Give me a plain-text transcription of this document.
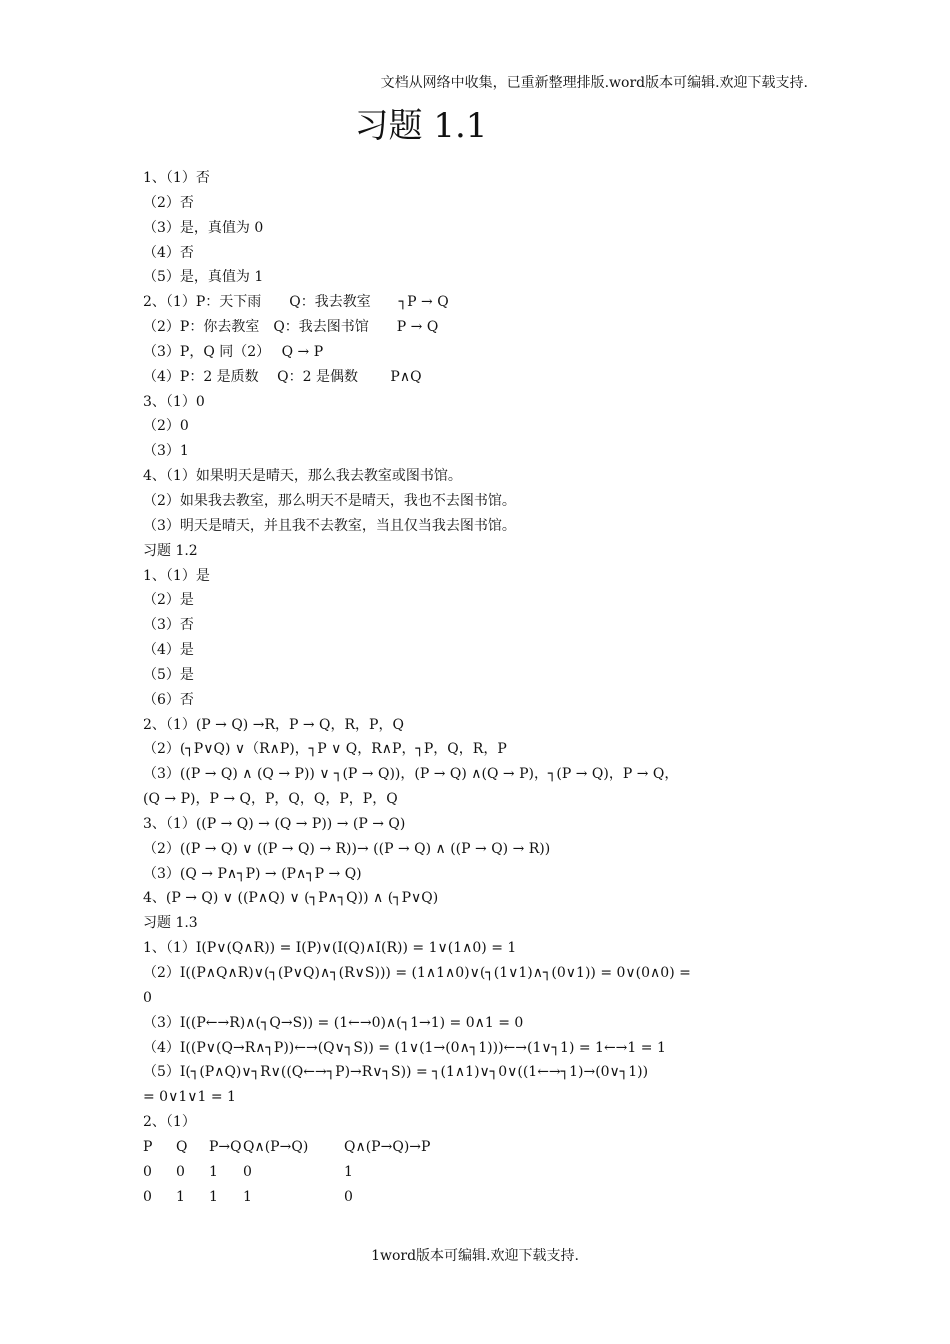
文档从网络中收集，已重新整理排版.word版本可编辑.欢迎下载支持.
习题 1.1
1、（1）否
（2）否
（3）是，真值为 0
（4）否
（5）是，真值为 1
2、（1）P：天下雨　　Q：我去教室　　┐P → Q
（2）P：你去教室　Q：我去图书馆　　P → Q
（3）P，Q 同（2）　 Q → P
（4）P：2 是质数　 Q：2 是偶数　　 P∧Q
3、（1）0
（2）0
（3）1
4、（1）如果明天是晴天，那么我去教室或图书馆。
（2）如果我去教室，那么明天不是晴天，我也不去图书馆。
（3）明天是晴天，并且我不去教室，当且仅当我去图书馆。
习题 1.2
1、（1）是
（2）是
（3）否
（4）是
（5）是
（6）否
2、（1）(P → Q) →R，P → Q，R，P，Q
（2）(┐P∨Q) ∨（R∧P)，┐P ∨ Q，R∧P，┐P，Q，R，P
（3）((P → Q) ∧ (Q → P)) ∨ ┐(P → Q))，(P → Q) ∧(Q → P)，┐(P → Q)，P → Q，
(Q → P)，P → Q，P，Q，Q，P，P，Q
3、（1）((P → Q) → (Q → P)) → (P → Q)
（2）((P → Q) ∨ ((P → Q) → R))→ ((P → Q) ∧ ((P → Q) → R))
（3）(Q → P∧┐P) → (P∧┐P → Q)
4、(P → Q) ∨ ((P∧Q) ∨ (┐P∧┐Q)) ∧ (┐P∨Q)
习题 1.3
1、（1）I(P∨(Q∧R)) = I(P)∨(I(Q)∧I(R)) = 1∨(1∧0) = 1
（2）I((P∧Q∧R)∨(┐(P∨Q)∧┐(R∨S))) = (1∧1∧0)∨(┐(1∨1)∧┐(0∨1)) = 0∨(0∧0) =
0
（3）I((P←→R)∧(┐Q→S)) = (1←→0)∧(┐1→1) = 0∧1 = 0
（4）I((P∨(Q→R∧┐P))←→(Q∨┐S)) = (1∨(1→(0∧┐1)))←→(1∨┐1) = 1←→1 = 1
（5）I(┐(P∧Q)∨┐R∨((Q←→┐P)→R∨┐S)) = ┐(1∧1)∨┐0∨((1←→┐1)→(0∨┐1))
= 0∨1∨1 = 1
2、（1）
P	Q	P→Q	Q∧(P→Q)	Q∧(P→Q)→P
0	0	1	0	1
0	1	1	1	0
1word版本可编辑.欢迎下载支持.
